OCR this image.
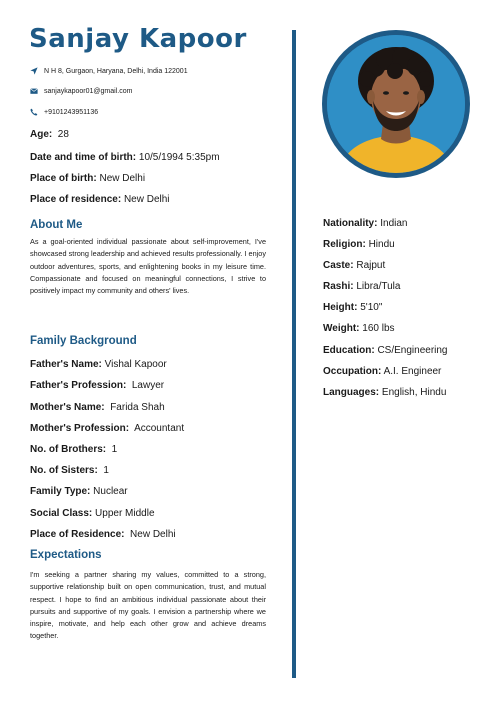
Sanjay Kapoor
N H 8, Gurgaon, Haryana, Delhi, India 122001
sanjaykapoor01@gmail.com
+9101243951136
Age: 28
Date and time of birth: 10/5/1994 5:35pm
Place of birth: New Delhi
Place of residence: New Delhi
About Me

As a goal-oriented individual passionate about self-improvement, I've showcased strong leadership and achieved results professionally. I enjoy outdoor adventures, sports, and enlightening books in my leisure time. Compassionate and focused on meaningful connections, I strive to positively impact my community and others' lives.

Family Background
Father's Name: Vishal Kapoor
Father's Profession: Lawyer
Mother's Name: Farida Shah
Mother's Profession: Accountant
No. of Brothers: 1
No. of Sisters: 1
Family Type: Nuclear
Social Class: Upper Middle
Place of Residence: New Delhi
Expectations

I'm seeking a partner sharing my values, committed to a strong, supportive relationship built on open communication, trust, and mutual respect. I hope to find an ambitious individual passionate about their pursuits and supportive of my goals. I envision a partnership where we inspire, motivate, and help each other grow and achieve dreams together.

Nationality: Indian
Religion: Hindu
Caste: Rajput
Rashi: Libra/Tula
Height: 5'10"
Weight: 160 lbs
Education: CS/Engineering
Occupation: A.I. Engineer
Languages: English, Hindu
